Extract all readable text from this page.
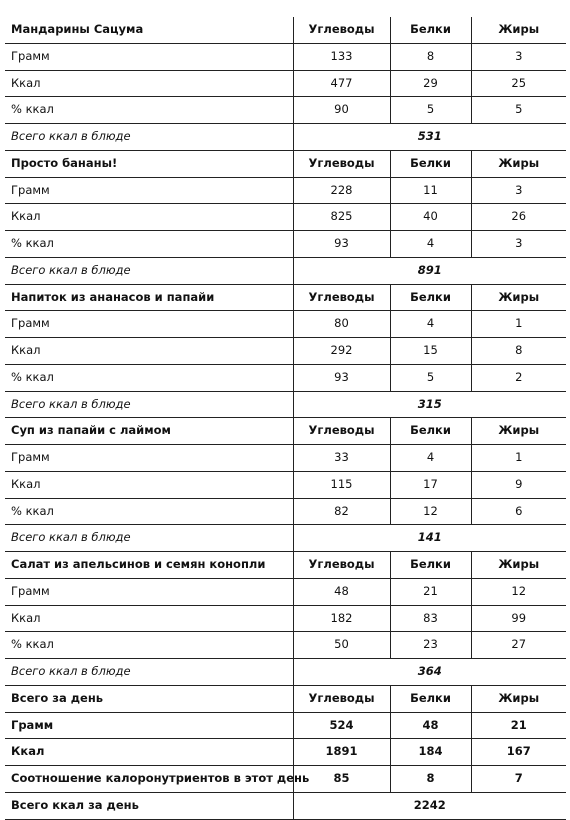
Мандарины Сацума	Углеводы	Белки	Жиры
Грамм	133	8	3
Ккал	477	29	25
% ккал	90	5	5
Всего ккал в блюде	531		
Просто бананы!	Углеводы	Белки	Жиры
Грамм	228	11	3
Ккал	825	40	26
% ккал	93	4	3
Всего ккал в блюде	891		
Напиток из ананасов и папайи	Углеводы	Белки	Жиры
Грамм	80	4	1
Ккал	292	15	8
% ккал	93	5	2
Всего ккал в блюде	315		
Суп из папайи с лаймом	Углеводы	Белки	Жиры
Грамм	33	4	1
Ккал	115	17	9
% ккал	82	12	6
Всего ккал в блюде	141		
Салат из апельсинов и семян конопли	Углеводы	Белки	Жиры
Грамм	48	21	12
Ккал	182	83	99
% ккал	50	23	27
Всего ккал в блюде	364		
Всего за день	Углеводы	Белки	Жиры
Грамм	524	48	21
Ккал	1891	184	167
Соотношение калоронутриентов в этот день	85	8	7
Всего ккал за день	2242		
